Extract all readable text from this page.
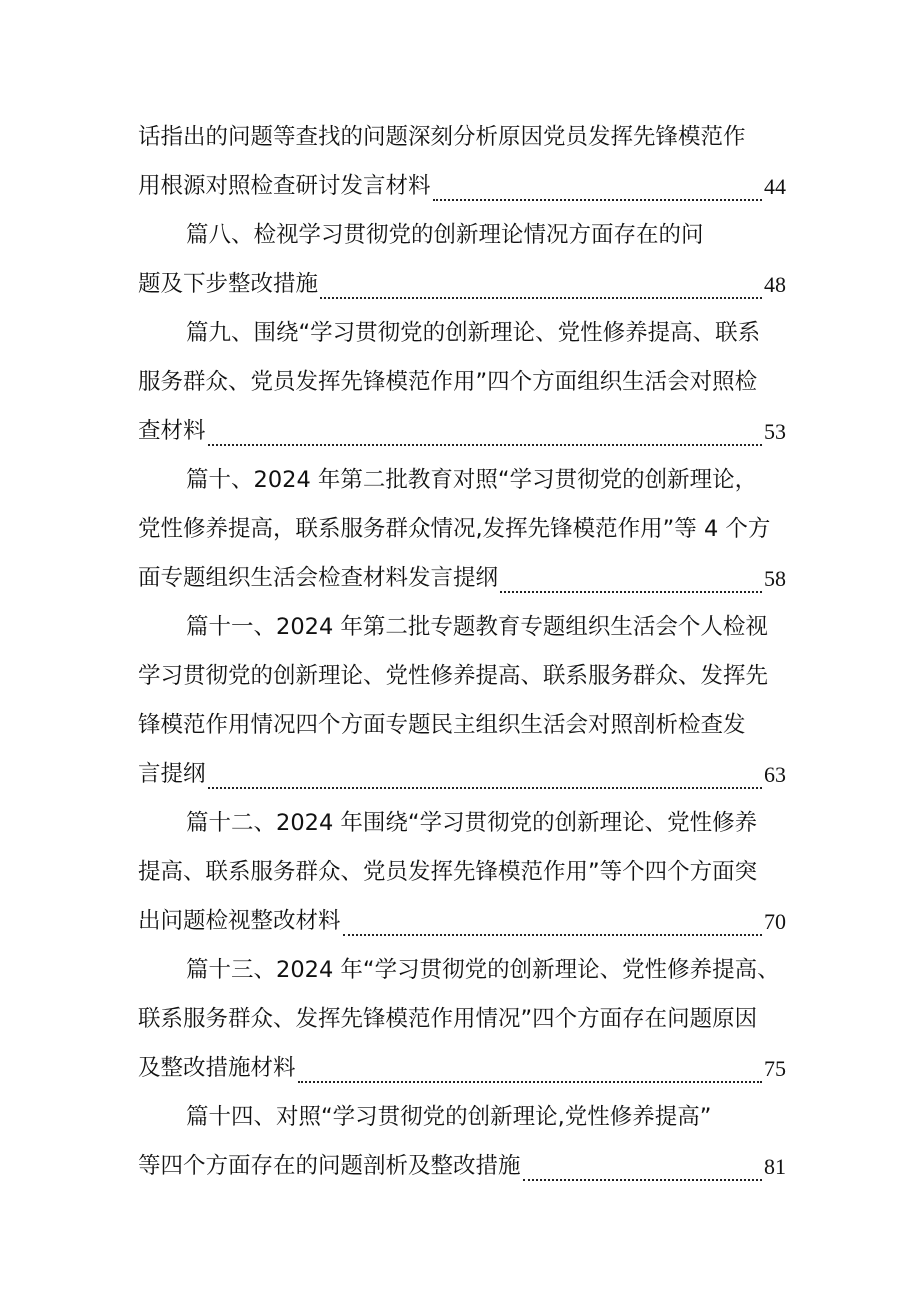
话指出的问题等查找的问题深刻分析原因党员发挥先锋模范作
用根源对照检查研讨发言材料	44
篇八、检视学习贯彻党的创新理论情况方面存在的问
题及下步整改措施	48
篇九、围绕“学习贯彻党的创新理论、党性修养提高、联系
服务群众、党员发挥先锋模范作用”四个方面组织生活会对照检
查材料	53
篇十、2024 年第二批教育对照“学习贯彻党的创新理论，
党性修养提高，联系服务群众情况,发挥先锋模范作用”等 4 个方
面专题组织生活会检查材料发言提纲	58
篇十一、2024 年第二批专题教育专题组织生活会个人检视
学习贯彻党的创新理论、党性修养提高、联系服务群众、发挥先
锋模范作用情况四个方面专题民主组织生活会对照剖析检查发
言提纲	63
篇十二、2024 年围绕“学习贯彻党的创新理论、党性修养
提高、联系服务群众、党员发挥先锋模范作用”等个四个方面突
出问题检视整改材料	70
篇十三、2024 年“学习贯彻党的创新理论、党性修养提高、
联系服务群众、发挥先锋模范作用情况”四个方面存在问题原因
及整改措施材料	75
篇十四、对照“学习贯彻党的创新理论,党性修养提高”
等四个方面存在的问题剖析及整改措施	81
